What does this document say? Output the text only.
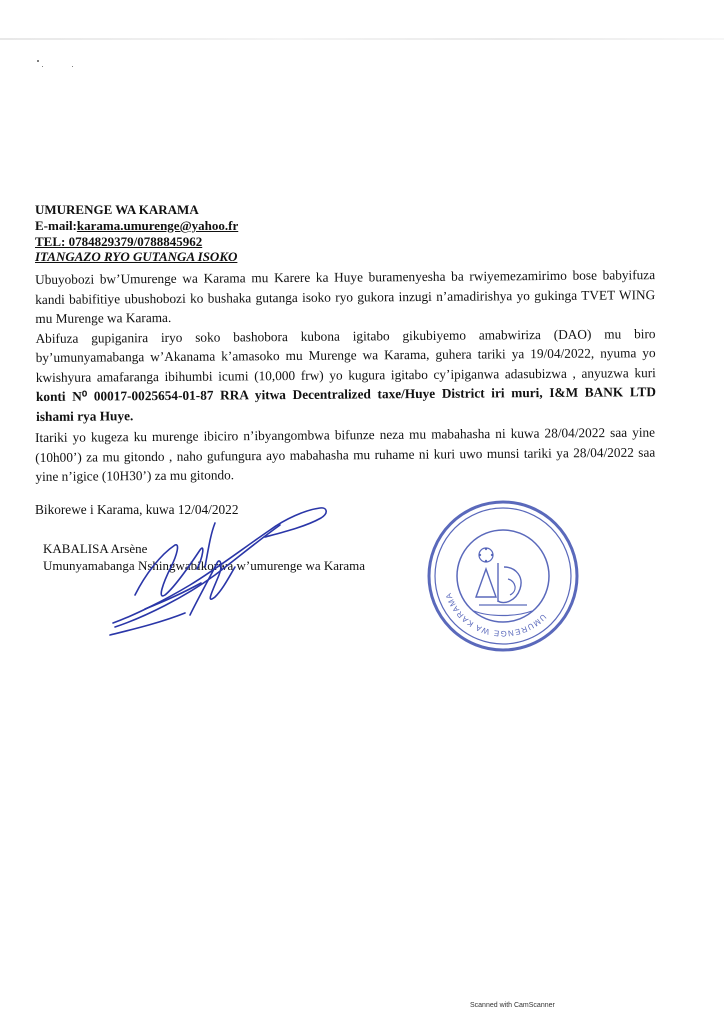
UMURENGE WA KARAMA
E-mail:karama.umurenge@yahoo.fr
TEL: 0784829379/0788845962
ITANGAZO RYO GUTANGA ISOKO
Ubuyobozi bw’Umurenge wa Karama mu Karere ka Huye buramenyesha ba rwiyemezamirimo bose babyifuza kandi babifitiye ubushobozi ko bushaka gutanga isoko ryo gukora inzugi n’amadirishya yo gukinga TVET WING mu Murenge wa Karama.
Abifuza gupiganira iryo soko bashobora kubona igitabo gikubiyemo amabwiriza (DAO) mu biro by’umunyamabanga w’Akanama k’amasoko mu Murenge wa Karama, guhera tariki ya 19/04/2022, nyuma yo kwishyura amafaranga ibihumbi icumi (10,000 frw) yo kugura igitabo cy’ipiganwa adasubizwa , anyuzwa kuri konti N⁰ 00017-0025654-01-87 RRA yitwa Decentralized taxe/Huye District iri muri, I&M BANK LTD ishami rya Huye.
Itariki yo kugeza ku murenge ibiciro n’ibyangombwa bifunze neza mu mabahasha ni kuwa 28/04/2022 saa yine (10h00’) za mu gitondo , naho gufungura ayo mabahasha mu ruhame ni kuri uwo munsi tariki ya 28/04/2022 saa yine n’igice (10H30’) za mu gitondo.
Bikorewe i Karama, kuwa 12/04/2022
KABALISA Arsène
Umunyamabanga Nshingwabikorwa w’umurenge wa Karama
UMURENGE WA KARAMA
Scanned with CamScanner
